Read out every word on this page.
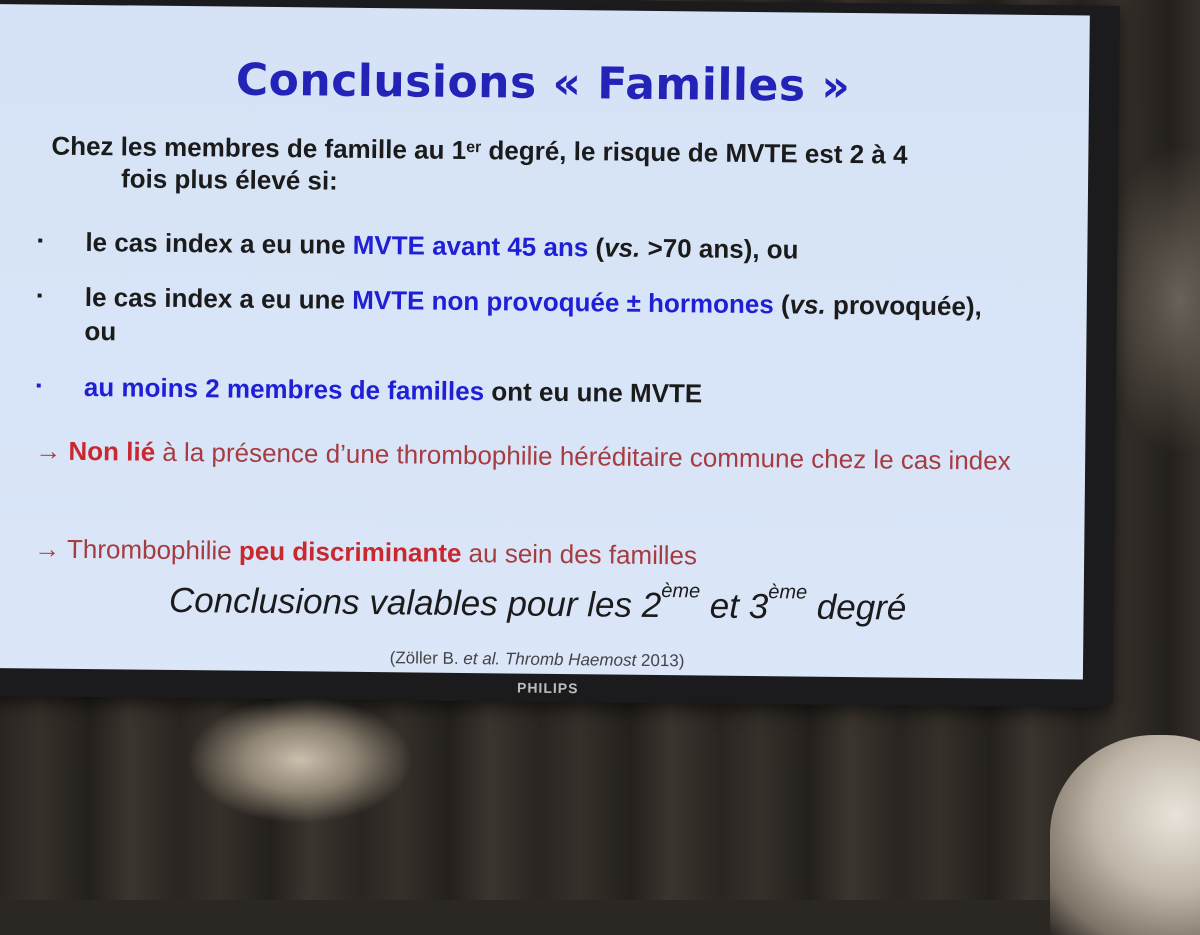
Conclusions « Familles »
Chez les membres de famille au 1er degré, le risque de MVTE est 2 à 4
fois plus élevé si:
▪	le cas index a eu une MVTE avant 45 ans (vs. >70 ans), ou
▪	le cas index a eu une MVTE non provoquée ± hormones (vs. provoquée), ou
▪	au moins 2 membres de familles ont eu une MVTE
→ Non lié à la présence d’une thrombophilie héréditaire commune chez le cas index
→ Thrombophilie peu discriminante au sein des familles
Conclusions valables pour les 2ème et 3ème degré
(Zöller B. et al. Thromb Haemost 2013)
PHILIPS
